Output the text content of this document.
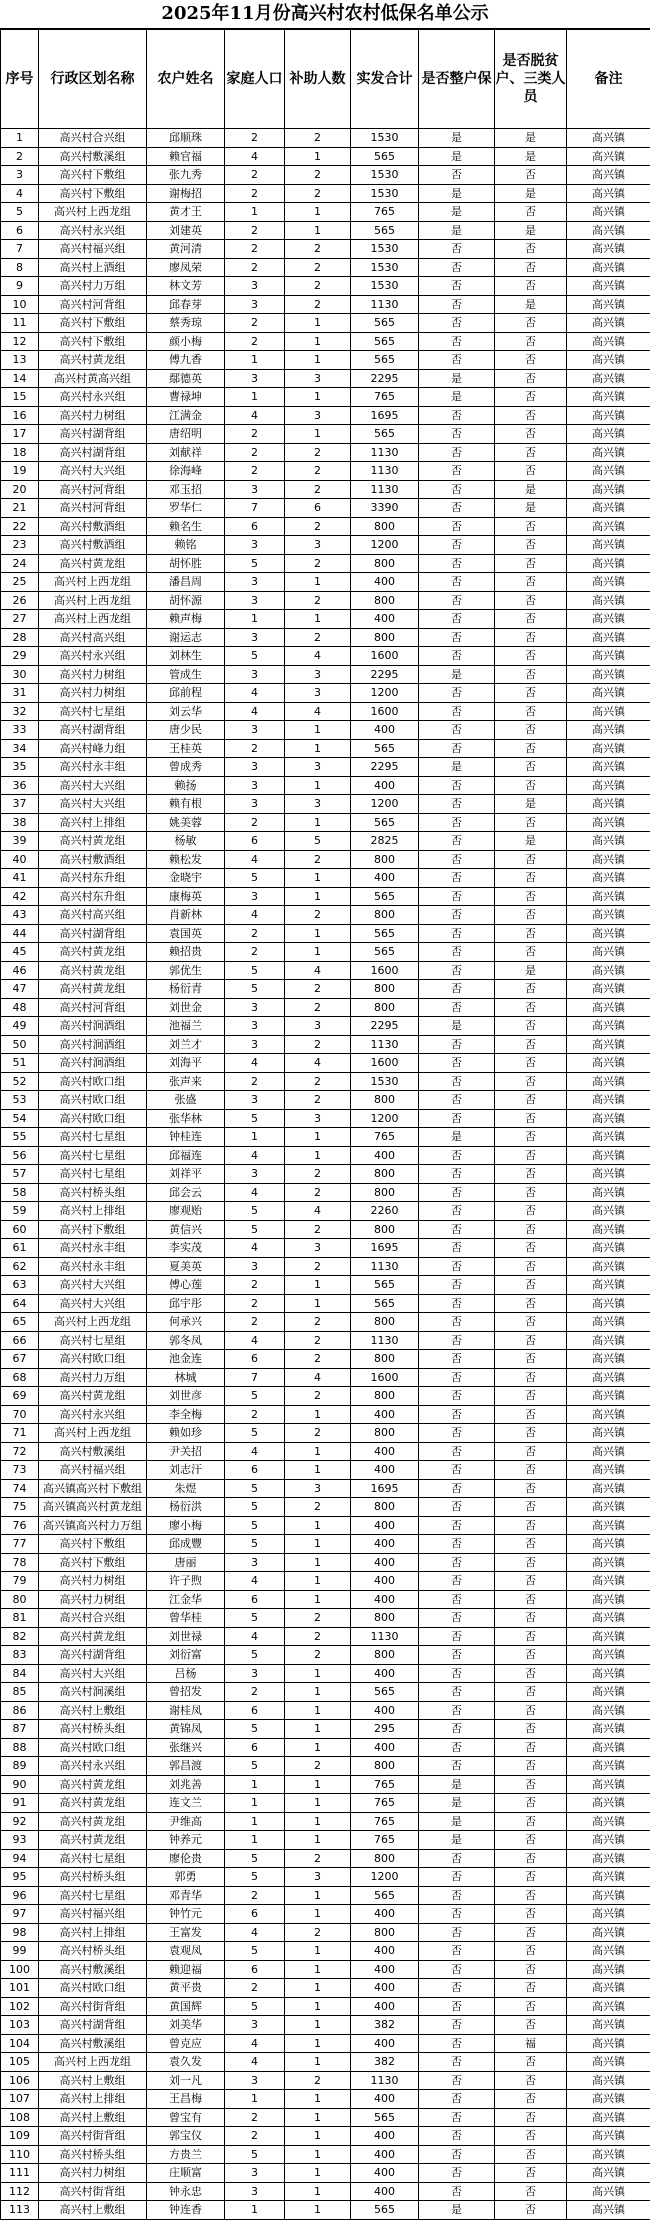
2025年11月份高兴村农村低保名单公示
序号	行政区划名称	农户姓名	家庭人口	补助人数	实发合计	是否整户保	是否脱贫户、三类人员	备注
1	高兴村合兴组	邱顺珠	2	2	1530	是	是	高兴镇
2	高兴村敷溪组	赖官福	4	1	565	是	是	高兴镇
3	高兴村下敷组	张九秀	2	2	1530	否	否	高兴镇
4	高兴村下敷组	谢梅招	2	2	1530	是	是	高兴镇
5	高兴村上西龙组	黄才王	1	1	765	是	否	高兴镇
6	高兴村永兴组	刘建英	2	1	565	是	是	高兴镇
7	高兴村福兴组	黄河清	2	2	1530	否	否	高兴镇
8	高兴村上酒组	廖凤荣	2	2	1530	否	否	高兴镇
9	高兴村力万组	林文芳	3	2	1530	否	否	高兴镇
10	高兴村河背组	邱春芽	3	2	1130	否	是	高兴镇
11	高兴村下敷组	蔡秀琼	2	1	565	否	否	高兴镇
12	高兴村下敷组	颜小梅	2	1	565	否	否	高兴镇
13	高兴村黄龙组	傅九香	1	1	565	否	否	高兴镇
14	高兴村黄高兴组	鄢德英	3	3	2295	是	否	高兴镇
15	高兴村永兴组	曹禄坤	1	1	765	是	否	高兴镇
16	高兴村力树组	江满金	4	3	1695	否	否	高兴镇
17	高兴村湖背组	唐绍明	2	1	565	否	否	高兴镇
18	高兴村湖背组	刘献祥	2	2	1130	否	否	高兴镇
19	高兴村大兴组	徐海峰	2	2	1130	否	否	高兴镇
20	高兴村河背组	邓玉招	3	2	1130	否	是	高兴镇
21	高兴村河背组	罗华仁	7	6	3390	否	是	高兴镇
22	高兴村敷酒组	赖名生	6	2	800	否	否	高兴镇
23	高兴村敷酒组	赖铭	3	3	1200	否	否	高兴镇
24	高兴村黄龙组	胡怀胜	5	2	800	否	否	高兴镇
25	高兴村上西龙组	潘昌周	3	1	400	否	否	高兴镇
26	高兴村上西龙组	胡怀源	3	2	800	否	否	高兴镇
27	高兴村上西龙组	赖声梅	1	1	400	否	否	高兴镇
28	高兴村高兴组	谢运志	3	2	800	否	否	高兴镇
29	高兴村永兴组	刘林生	5	4	1600	否	否	高兴镇
30	高兴村力树组	管成生	3	3	2295	是	否	高兴镇
31	高兴村力树组	邱前程	4	3	1200	否	否	高兴镇
32	高兴村七星组	刘云华	4	4	1600	否	否	高兴镇
33	高兴村湖背组	唐少民	3	1	400	否	否	高兴镇
34	高兴村峰力组	王桂英	2	1	565	否	否	高兴镇
35	高兴村永丰组	曾成秀	3	3	2295	是	否	高兴镇
36	高兴村大兴组	赖扬	3	1	400	否	否	高兴镇
37	高兴村大兴组	赖有根	3	3	1200	否	是	高兴镇
38	高兴村上排组	姚美蓉	2	1	565	否	否	高兴镇
39	高兴村黄龙组	杨敏	6	5	2825	否	是	高兴镇
40	高兴村敷酒组	赖松发	4	2	800	否	否	高兴镇
41	高兴村东升组	金晓宇	5	1	400	否	否	高兴镇
42	高兴村东升组	康梅英	3	1	565	否	否	高兴镇
43	高兴村高兴组	肖新林	4	2	800	否	否	高兴镇
44	高兴村湖背组	袁国英	2	1	565	否	否	高兴镇
45	高兴村黄龙组	赖招贵	2	1	565	否	否	高兴镇
46	高兴村黄龙组	郭优生	5	4	1600	否	是	高兴镇
47	高兴村黄龙组	杨衍青	5	2	800	否	否	高兴镇
48	高兴村河背组	刘世金	3	2	800	否	否	高兴镇
49	高兴村涧酒组	池福兰	3	3	2295	是	否	高兴镇
50	高兴村涧酒组	刘兰才	3	2	1130	否	否	高兴镇
51	高兴村涧酒组	刘海平	4	4	1600	否	否	高兴镇
52	高兴村欧口组	张声来	2	2	1530	否	否	高兴镇
53	高兴村欧口组	张盛	3	2	800	否	否	高兴镇
54	高兴村欧口组	张华林	5	3	1200	否	否	高兴镇
55	高兴村七星组	钟桂连	1	1	765	是	否	高兴镇
56	高兴村七星组	邱福连	4	1	400	否	否	高兴镇
57	高兴村七星组	刘祥平	3	2	800	否	否	高兴镇
58	高兴村桥头组	邱会云	4	2	800	否	否	高兴镇
59	高兴村上排组	廖观贻	5	4	2260	否	否	高兴镇
60	高兴村下敷组	黄信兴	5	2	800	否	否	高兴镇
61	高兴村永丰组	李实茂	4	3	1695	否	否	高兴镇
62	高兴村永丰组	夏美英	3	2	1130	否	否	高兴镇
63	高兴村大兴组	傅心莲	2	1	565	否	否	高兴镇
64	高兴村大兴组	邱宇彤	2	1	565	否	否	高兴镇
65	高兴村上西龙组	何承兴	2	2	800	否	否	高兴镇
66	高兴村七星组	郭冬凤	4	2	1130	否	否	高兴镇
67	高兴村欧口组	池金连	6	2	800	否	否	高兴镇
68	高兴村力万组	林城	7	4	1600	否	否	高兴镇
69	高兴村黄龙组	刘世彦	5	2	800	否	否	高兴镇
70	高兴村永兴组	李全梅	2	1	400	否	否	高兴镇
71	高兴村上西龙组	赖如珍	5	2	800	否	否	高兴镇
72	高兴村敷溪组	尹关招	4	1	400	否	否	高兴镇
73	高兴村福兴组	刘志汗	6	1	400	否	否	高兴镇
74	高兴镇高兴村下敷组	朱煜	5	3	1695	否	否	高兴镇
75	高兴镇高兴村黄龙组	杨衍洪	5	2	800	否	否	高兴镇
76	高兴镇高兴村力万组	廖小梅	5	1	400	否	否	高兴镇
77	高兴村下敷组	邱成豐	5	1	400	否	否	高兴镇
78	高兴村下敷组	唐丽	3	1	400	否	否	高兴镇
79	高兴村力树组	许子煦	4	1	400	否	否	高兴镇
80	高兴村力树组	江金华	6	1	400	否	否	高兴镇
81	高兴村合兴组	曾华桂	5	2	800	否	否	高兴镇
82	高兴村黄龙组	刘世禄	4	2	1130	否	否	高兴镇
83	高兴村湖背组	刘衍富	5	2	800	否	否	高兴镇
84	高兴村大兴组	吕杨	3	1	400	否	否	高兴镇
85	高兴村涧溪组	曾招发	2	1	565	否	否	高兴镇
86	高兴村上敷组	谢桂凤	6	1	400	否	否	高兴镇
87	高兴村桥头组	黄锦凤	5	1	295	否	否	高兴镇
88	高兴村欧口组	张继兴	6	1	400	否	否	高兴镇
89	高兴村永兴组	郭昌渡	5	2	800	否	否	高兴镇
90	高兴村黄龙组	刘兆善	1	1	765	是	否	高兴镇
91	高兴村黄龙组	连文兰	1	1	765	是	否	高兴镇
92	高兴村黄龙组	尹维高	1	1	765	是	否	高兴镇
93	高兴村黄龙组	钟养元	1	1	765	是	否	高兴镇
94	高兴村七星组	廖伦贵	5	2	800	否	否	高兴镇
95	高兴村桥头组	郭勇	5	3	1200	否	否	高兴镇
96	高兴村七星组	邓青华	2	1	565	否	否	高兴镇
97	高兴村福兴组	钟竹元	6	1	400	否	否	高兴镇
98	高兴村上排组	王富发	4	2	800	否	否	高兴镇
99	高兴村桥头组	袁观凤	5	1	400	否	否	高兴镇
100	高兴村敷溪组	赖迎福	6	1	400	否	否	高兴镇
101	高兴村欧口组	黄平贵	2	1	400	否	否	高兴镇
102	高兴村街背组	黄国辉	5	1	400	否	否	高兴镇
103	高兴村湖背组	刘美华	3	1	382	否	否	高兴镇
104	高兴村敷溪组	曾克应	4	1	400	否	福	高兴镇
105	高兴村上西龙组	袁久发	4	1	382	否	否	高兴镇
106	高兴村上敷组	刘一凡	3	2	1130	否	否	高兴镇
107	高兴村上排组	王昌梅	1	1	400	否	否	高兴镇
108	高兴村上敷组	曾宝有	2	1	565	否	否	高兴镇
109	高兴村街背组	郭宝仪	2	1	400	否	否	高兴镇
110	高兴村桥头组	方贵兰	5	1	400	否	否	高兴镇
111	高兴村力树组	庄顺富	3	1	400	否	否	高兴镇
112	高兴村街背组	钟永忠	3	1	400	否	否	高兴镇
113	高兴村上敷组	钟连香	1	1	565	是	否	高兴镇
